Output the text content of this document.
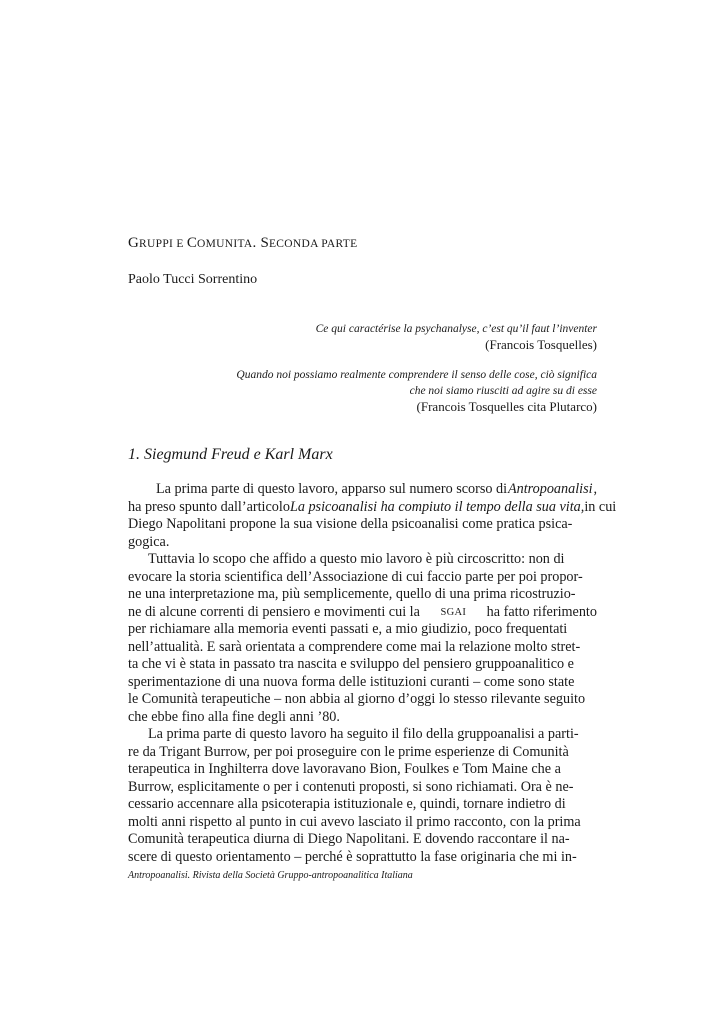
GRUPPI E COMUNITA. SECONDA PARTE
Paolo Tucci Sorrentino
Ce qui caractérise la psychanalyse, c’est qu’il faut l’inventer
(Francois Tosquelles)
Quando noi possiamo realmente comprendere il senso delle cose, ciò significa
che noi siamo riusciti ad agire su di esse
(Francois Tosquelles cita Plutarco)
1. Siegmund Freud e Karl Marx
La prima parte di questo lavoro, apparso sul numero scorso di Antropoanalisi ,
ha preso spunto dall’articolo La psicoanalisi ha compiuto il tempo della sua vita, in cui
Diego Napolitani propone la sua visione della psicoanalisi come pratica psica-
gogica.
Tuttavia lo scopo che affido a questo mio lavoro è più circoscritto: non di
evocare la storia scientifica dell’Associazione di cui faccio parte per poi propor-
ne una interpretazione ma, più semplicemente, quello di una prima ricostruzio-
ne di alcune correnti di pensiero e movimenti cui la SGAI ha fatto riferimento
per richiamare alla memoria eventi passati e, a mio giudizio, poco frequentati
nell’attualità. E sarà orientata a comprendere come mai la relazione molto stret-
ta che vi è stata in passato tra nascita e sviluppo del pensiero gruppoanalitico e
sperimentazione di una nuova forma delle istituzioni curanti – come sono state
le Comunità terapeutiche – non abbia al giorno d’oggi lo stesso rilevante seguito
che ebbe fino alla fine degli anni ’80.
La prima parte di questo lavoro ha seguito il filo della gruppoanalisi a parti-
re da Trigant Burrow, per poi proseguire con le prime esperienze di Comunità
terapeutica in Inghilterra dove lavoravano Bion, Foulkes e Tom Maine che a
Burrow, esplicitamente o per i contenuti proposti, si sono richiamati. Ora è ne-
cessario accennare alla psicoterapia istituzionale e, quindi, tornare indietro di
molti anni rispetto al punto in cui avevo lasciato il primo racconto, con la prima
Comunità terapeutica diurna di Diego Napolitani. E dovendo raccontare il na-
scere di questo orientamento – perché è soprattutto la fase originaria che mi in-
Antropoanalisi. Rivista della Società Gruppo-antropoanalitica Italiana
